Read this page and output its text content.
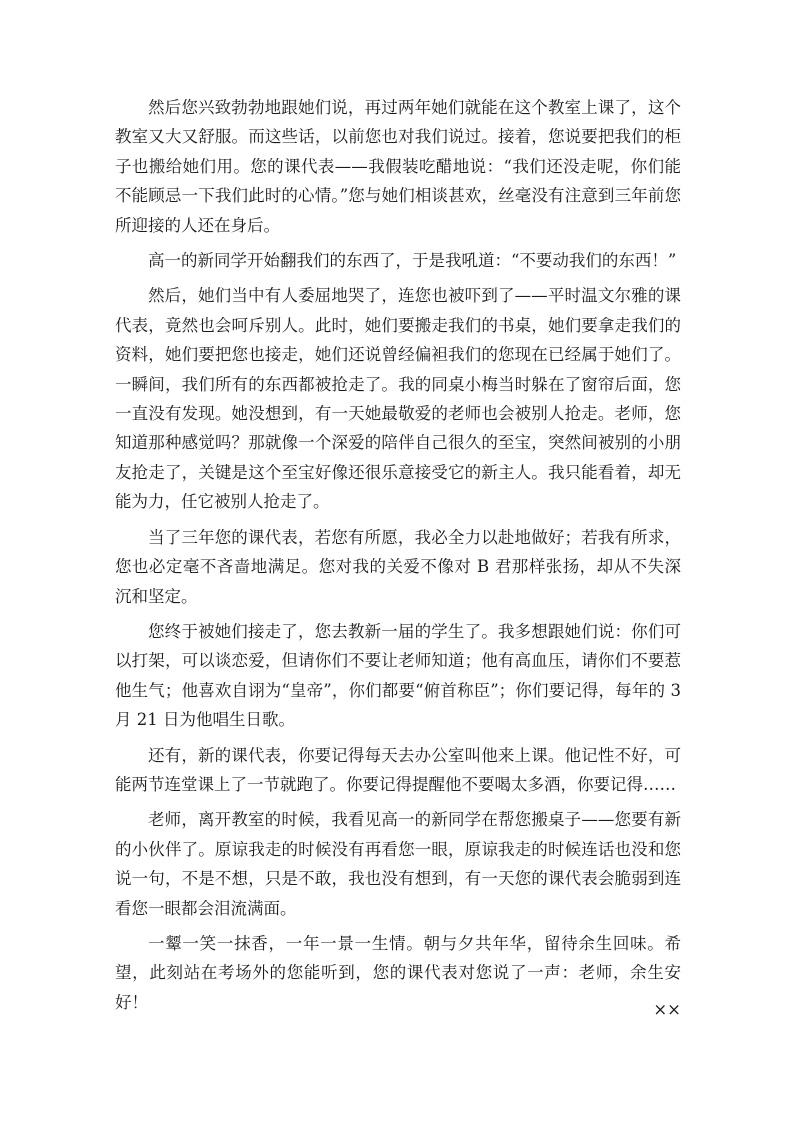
然后您兴致勃勃地跟她们说，再过两年她们就能在这个教室上课了，这个教室又大又舒服。而这些话，以前您也对我们说过。接着，您说要把我们的柜子也搬给她们用。您的课代表——我假装吃醋地说：“我们还没走呢，你们能不能顾忌一下我们此时的心情。”您与她们相谈甚欢，丝毫没有注意到三年前您所迎接的人还在身后。

高一的新同学开始翻我们的东西了，于是我吼道：“不要动我们的东西！”

然后，她们当中有人委屈地哭了，连您也被吓到了——平时温文尔雅的课代表，竟然也会呵斥别人。此时，她们要搬走我们的书桌，她们要拿走我们的资料，她们要把您也接走，她们还说曾经偏袒我们的您现在已经属于她们了。一瞬间，我们所有的东西都被抢走了。我的同桌小梅当时躲在了窗帘后面，您一直没有发现。她没想到，有一天她最敬爱的老师也会被别人抢走。老师，您知道那种感觉吗？那就像一个深爱的陪伴自己很久的至宝，突然间被别的小朋友抢走了，关键是这个至宝好像还很乐意接受它的新主人。我只能看着，却无能为力，任它被别人抢走了。

当了三年您的课代表，若您有所愿，我必全力以赴地做好；若我有所求，您也必定毫不吝啬地满足。您对我的关爱不像对 B 君那样张扬，却从不失深沉和坚定。

您终于被她们接走了，您去教新一届的学生了。我多想跟她们说：你们可以打架，可以谈恋爱，但请你们不要让老师知道；他有高血压，请你们不要惹他生气；他喜欢自诩为“皇帝”，你们都要“俯首称臣”；你们要记得，每年的 3 月 21 日为他唱生日歌。

还有，新的课代表，你要记得每天去办公室叫他来上课。他记性不好，可能两节连堂课上了一节就跑了。你要记得提醒他不要喝太多酒，你要记得……

老师，离开教室的时候，我看见高一的新同学在帮您搬桌子——您要有新的小伙伴了。原谅我走的时候没有再看您一眼，原谅我走的时候连话也没和您说一句，不是不想，只是不敢，我也没有想到，有一天您的课代表会脆弱到连看您一眼都会泪流满面。

一颦一笑一抹香，一年一景一生情。朝与夕共年华，留待余生回味。希望，此刻站在考场外的您能听到，您的课代表对您说了一声：老师，余生安好！	××
